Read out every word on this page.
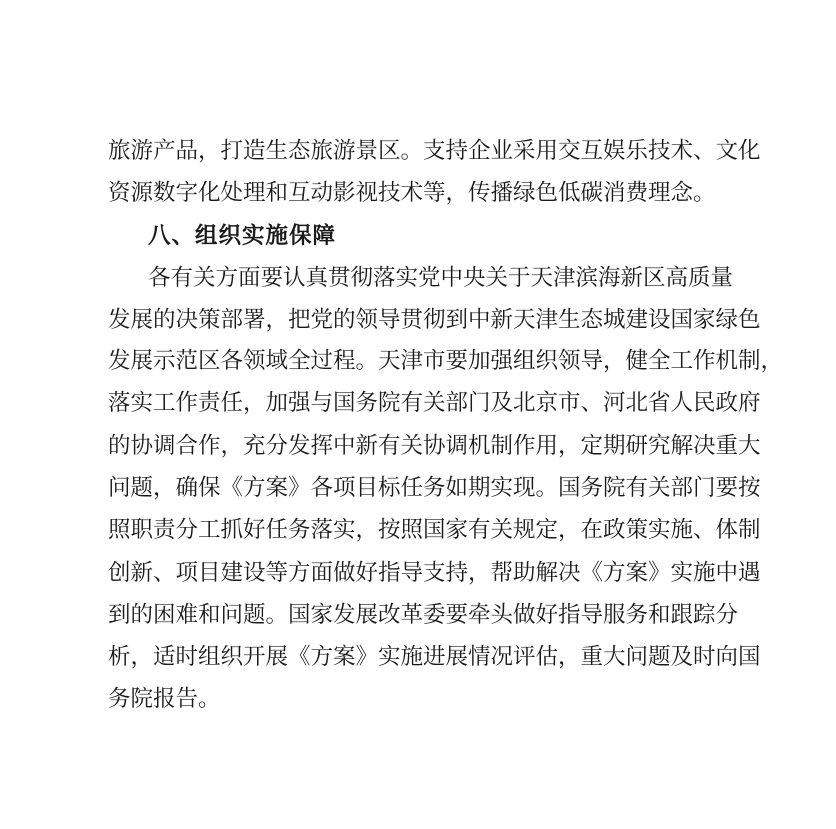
旅游产品，打造生态旅游景区。支持企业采用交互娱乐技术、文化
资源数字化处理和互动影视技术等，传播绿色低碳消费理念。
八、组织实施保障
各有关方面要认真贯彻落实党中央关于天津滨海新区高质量
发展的决策部署，把党的领导贯彻到中新天津生态城建设国家绿色
发展示范区各领域全过程。天津市要加强组织领导，健全工作机制，
落实工作责任，加强与国务院有关部门及北京市、河北省人民政府
的协调合作，充分发挥中新有关协调机制作用，定期研究解决重大
问题，确保《方案》各项目标任务如期实现。国务院有关部门要按
照职责分工抓好任务落实，按照国家有关规定，在政策实施、体制
创新、项目建设等方面做好指导支持，帮助解决《方案》实施中遇
到的困难和问题。国家发展改革委要牵头做好指导服务和跟踪分
析，适时组织开展《方案》实施进展情况评估，重大问题及时向国
务院报告。
